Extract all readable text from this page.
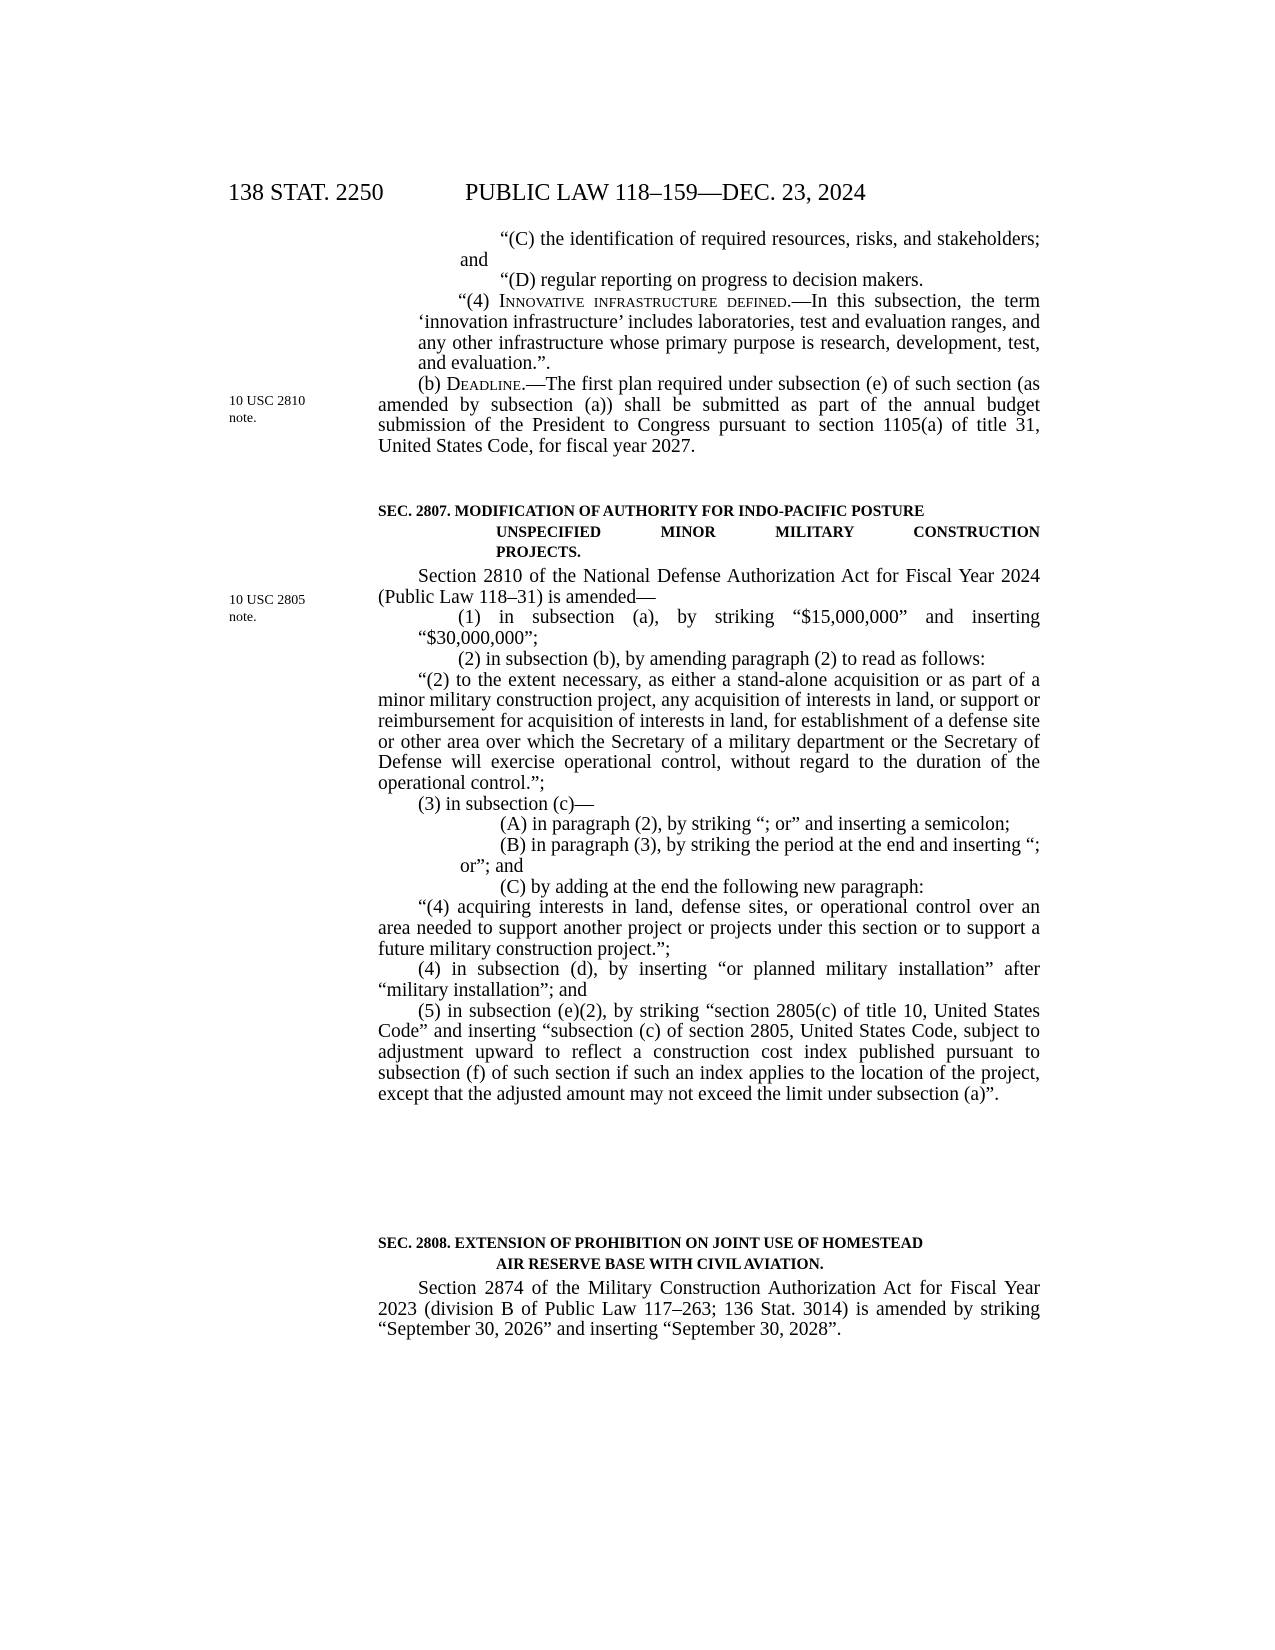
138 STAT. 2250	PUBLIC LAW 118–159—DEC. 23, 2024
10 USC 2810
note.
10 USC 2805
note.

“(C) the identification of required resources, risks, and stakeholders; and

“(D) regular reporting on progress to decision makers.

“(4) Innovative infrastructure defined.—In this subsection, the term ‘innovation infrastructure’ includes laboratories, test and evaluation ranges, and any other infrastructure whose primary purpose is research, development, test, and evaluation.”.

(b) Deadline.—The first plan required under subsection (e) of such section (as amended by subsection (a)) shall be submitted as part of the annual budget submission of the President to Congress pursuant to section 1105(a) of title 31, United States Code, for fiscal year 2027.

SEC. 2807. MODIFICATION OF AUTHORITY FOR INDO-PACIFIC POSTURE
UNSPECIFIED MINOR MILITARY CONSTRUCTION
PROJECTS.

Section 2810 of the National Defense Authorization Act for Fiscal Year 2024 (Public Law 118–31) is amended—

(1) in subsection (a), by striking “$15,000,000” and inserting “$30,000,000”;

(2) in subsection (b), by amending paragraph (2) to read as follows:

“(2) to the extent necessary, as either a stand-alone acquisition or as part of a minor military construction project, any acquisition of interests in land, or support or reimbursement for acquisition of interests in land, for establishment of a defense site or other area over which the Secretary of a military department or the Secretary of Defense will exercise operational control, without regard to the duration of the operational control.”;

(3) in subsection (c)—

(A) in paragraph (2), by striking “; or” and inserting a semicolon;

(B) in paragraph (3), by striking the period at the end and inserting “; or”; and

(C) by adding at the end the following new paragraph:

“(4) acquiring interests in land, defense sites, or operational control over an area needed to support another project or projects under this section or to support a future military construction project.”;

(4) in subsection (d), by inserting “or planned military installation” after “military installation”; and

(5) in subsection (e)(2), by striking “section 2805(c) of title 10, United States Code” and inserting “subsection (c) of section 2805, United States Code, subject to adjustment upward to reflect a construction cost index published pursuant to subsection (f) of such section if such an index applies to the location of the project, except that the adjusted amount may not exceed the limit under subsection (a)”.

SEC. 2808. EXTENSION OF PROHIBITION ON JOINT USE OF HOMESTEAD
AIR RESERVE BASE WITH CIVIL AVIATION.

Section 2874 of the Military Construction Authorization Act for Fiscal Year 2023 (division B of Public Law 117–263; 136 Stat. 3014) is amended by striking “September 30, 2026” and inserting “September 30, 2028”.
